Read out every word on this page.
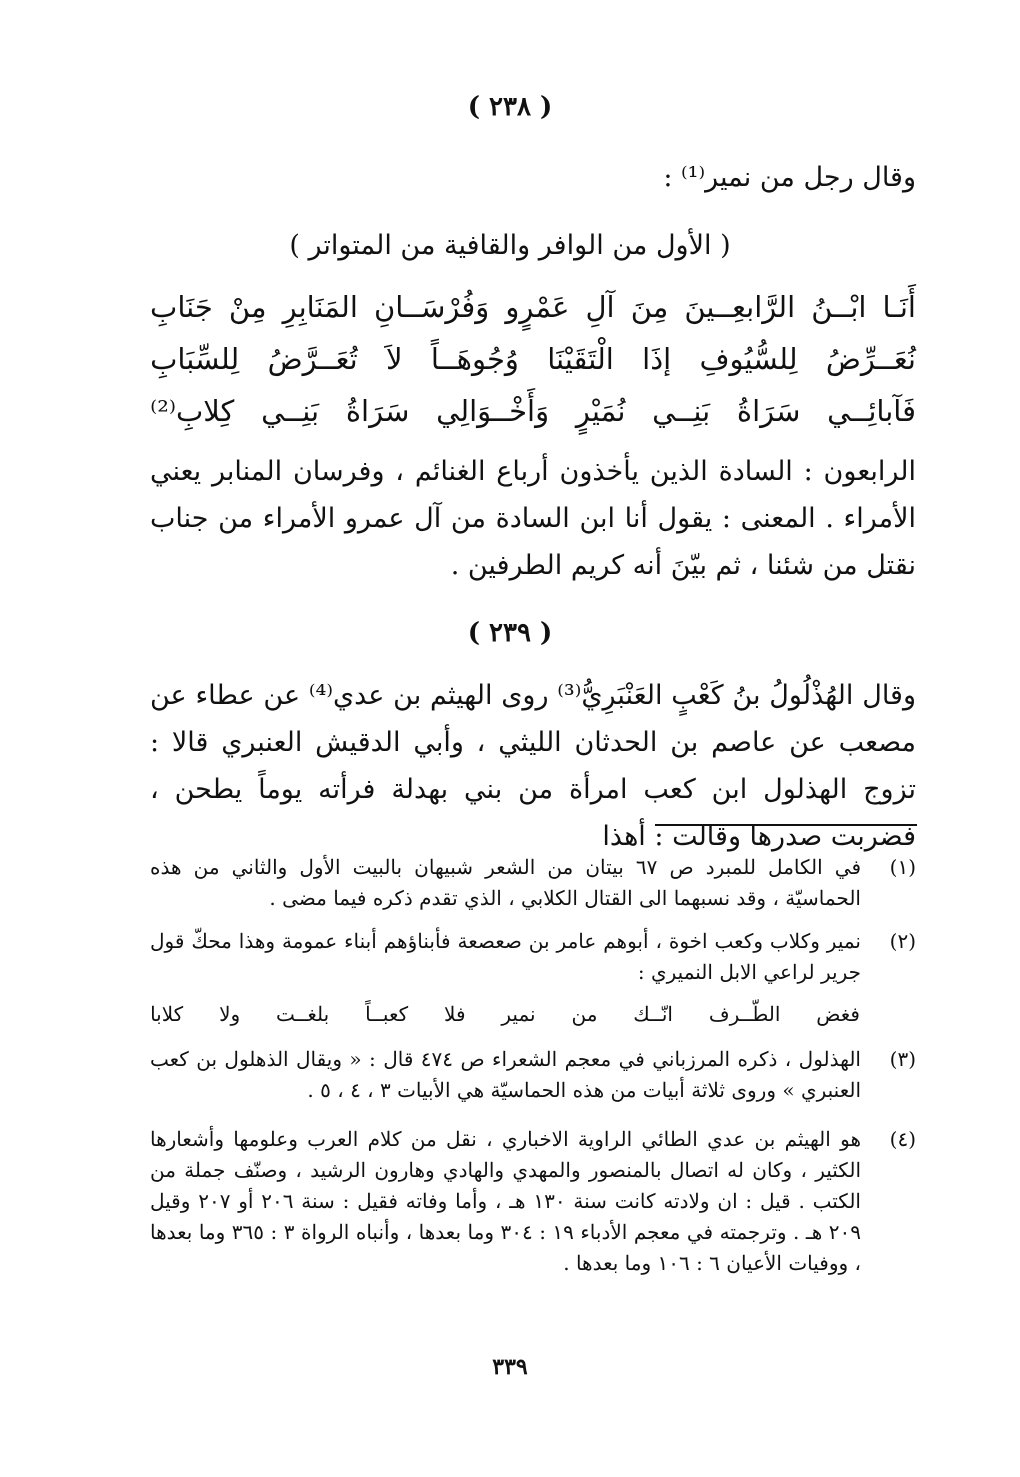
( ٢٣٨ )
وقال رجل من نمير⁽¹⁾ :
( الأول من الوافر والقافية من المتواتر )
أَنَـا
ابْــنُ
الرَّابعِــينَ
مِنَ
آلِ
عَمْرٍو
وَفُرْسَــانِ
المَنَابِرِ
مِنْ
جَنَابِ
نُعَــرِّضُ
لِلسُّيُوفِ
إذَا
الْتَقَيْنَا
وُجُوهَــاً
لاَ
تُعَــرَّضُ
لِلسِّبَابِ
فَآبائِــي
سَرَاةُ
بَنِــي
نُمَيْرٍ
وَأَخْــوَالِي
سَرَاةُ
بَنِــي
كِلابِ⁽²⁾
الرابعون : السادة الذين يأخذون أرباع الغنائم ، وفرسان المنابر يعني الأمراء . المعنى : يقول أنا ابن السادة من آل عمرو الأمراء من جناب نقتل من شئنا ، ثم بيّنَ أنه كريم الطرفين .
( ٢٣٩ )
وقال الهُذْلُولُ بنُ كَعْبٍ العَنْبَرِيُّ⁽³⁾ روى الهيثم بن عدي⁽⁴⁾ عن عطاء عن مصعب عن عاصم بن الحدثان الليثي ، وأبي الدقيش العنبري قالا : تزوج الهذلول ابن كعب امرأة من بني بهدلة فرأته يوماً يطحن ، فضربت صدرها وقالت : أهذا
(١)
في الكامل للمبرد ص ٦٧ بيتان من الشعر شبيهان بالبيت الأول والثاني من هذه الحماسيّة ، وقد نسبهما الى القتال الكلابي ، الذي تقدم ذكره فيما مضى .
(٢)
نمير وكلاب وكعب اخوة ، أبوهم عامر بن صعصعة فأبناؤهم أبناء عمومة وهذا محكّ قول جرير لراعي الابل النميري :
فغض
الطّــرف
انّــك
من
نمير
فلا
كعبــاً
بلغــت
ولا
كلابا
(٣)
الهذلول ، ذكره المرزباني في معجم الشعراء ص ٤٧٤ قال : « ويقال الذهلول بن كعب العنبري » وروى ثلاثة أبيات من هذه الحماسيّة هي الأبيات ٣ ، ٤ ، ٥ .
(٤)
هو الهيثم بن عدي الطائي الراوية الاخباري ، نقل من كلام العرب وعلومها وأشعارها الكثير ، وكان له اتصال بالمنصور والمهدي والهادي وهارون الرشيد ، وصنّف جملة من الكتب . قيل : ان ولادته كانت سنة ١٣٠ هـ ، وأما وفاته فقيل : سنة ٢٠٦ أو ٢٠٧ وقيل ٢٠٩ هـ . وترجمته في معجم الأدباء ١٩ : ٣٠٤ وما بعدها ، وأنباه الرواة ٣ : ٣٦٥ وما بعدها ، ووفيات الأعيان ٦ : ١٠٦ وما بعدها .
٣٣٩
